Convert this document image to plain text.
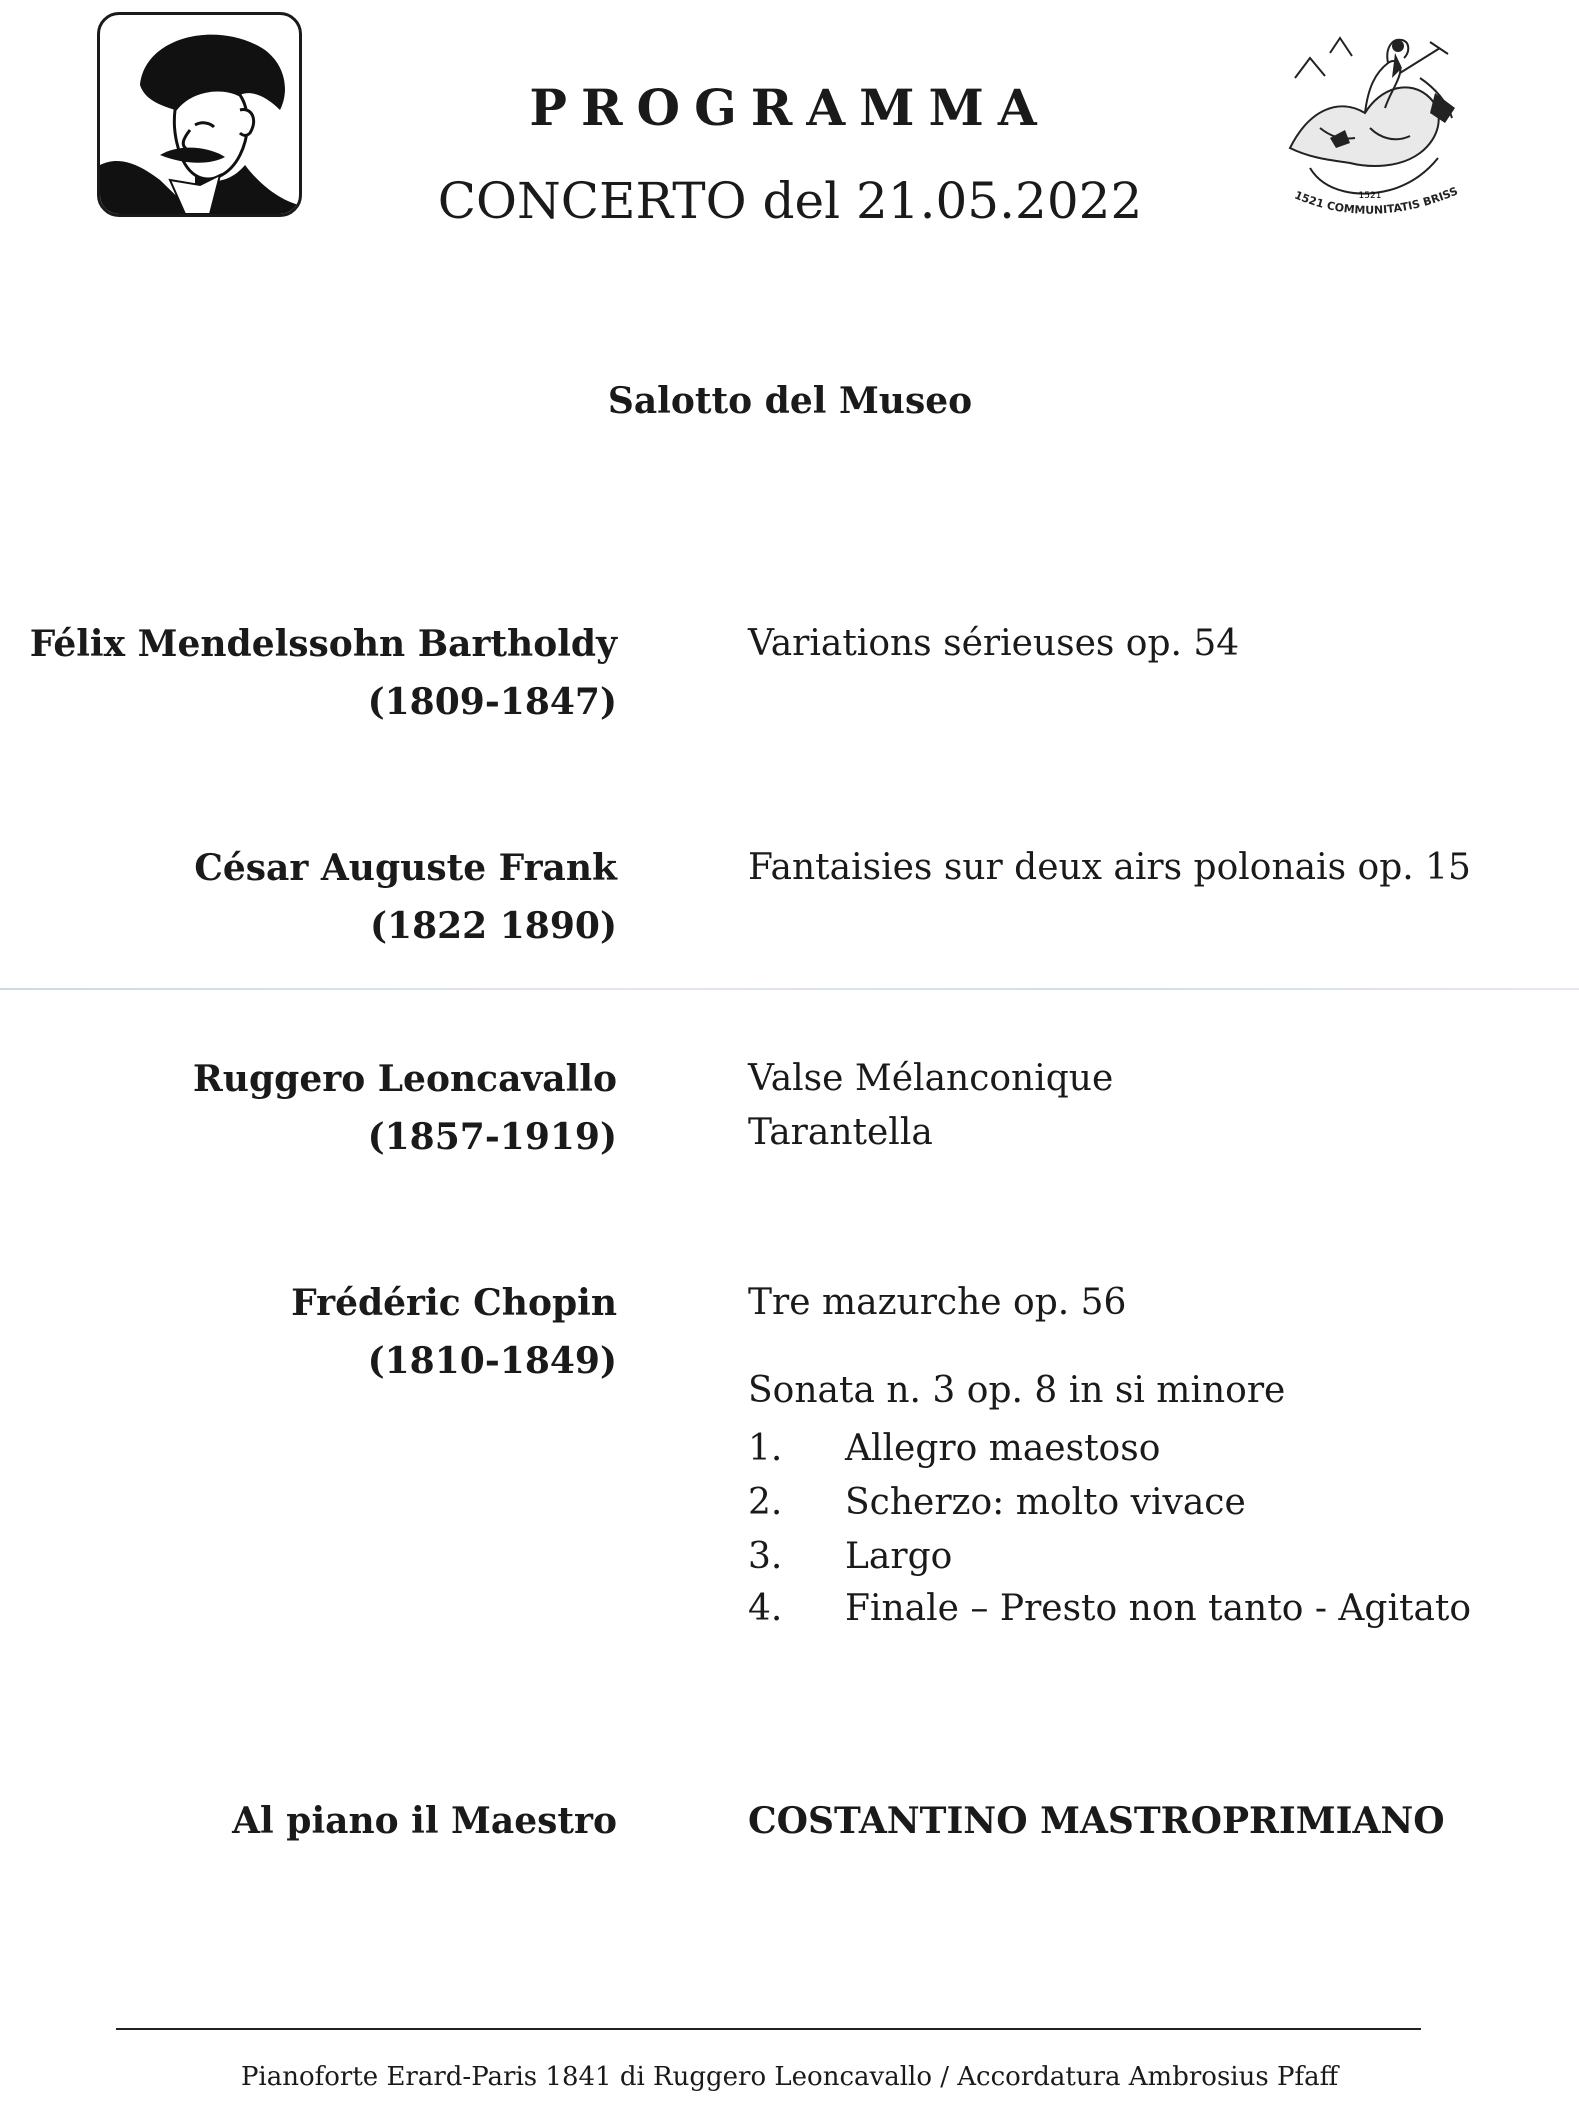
1521
1521 COMMUNITATIS BRISS
PROGRAMMA
CONCERTO del 21.05.2022
Salotto del Museo
Félix Mendelssohn Bartholdy
(1809-1847)
Variations sérieuses op. 54
César Auguste Frank
(1822 1890)
Fantaisies sur deux airs polonais op. 15
Ruggero Leoncavallo
(1857-1919)
Valse Mélanconique
Tarantella
Frédéric Chopin
(1810-1849)
Tre mazurche op. 56
Sonata n. 3 op. 8 in si minore
1. Allegro maestoso
2. Scherzo: molto vivace
3. Largo
4. Finale – Presto non tanto - Agitato
Al piano il Maestro	COSTANTINO MASTROPRIMIANO
Pianoforte Erard-Paris 1841 di Ruggero Leoncavallo / Accordatura Ambrosius Pfaff
